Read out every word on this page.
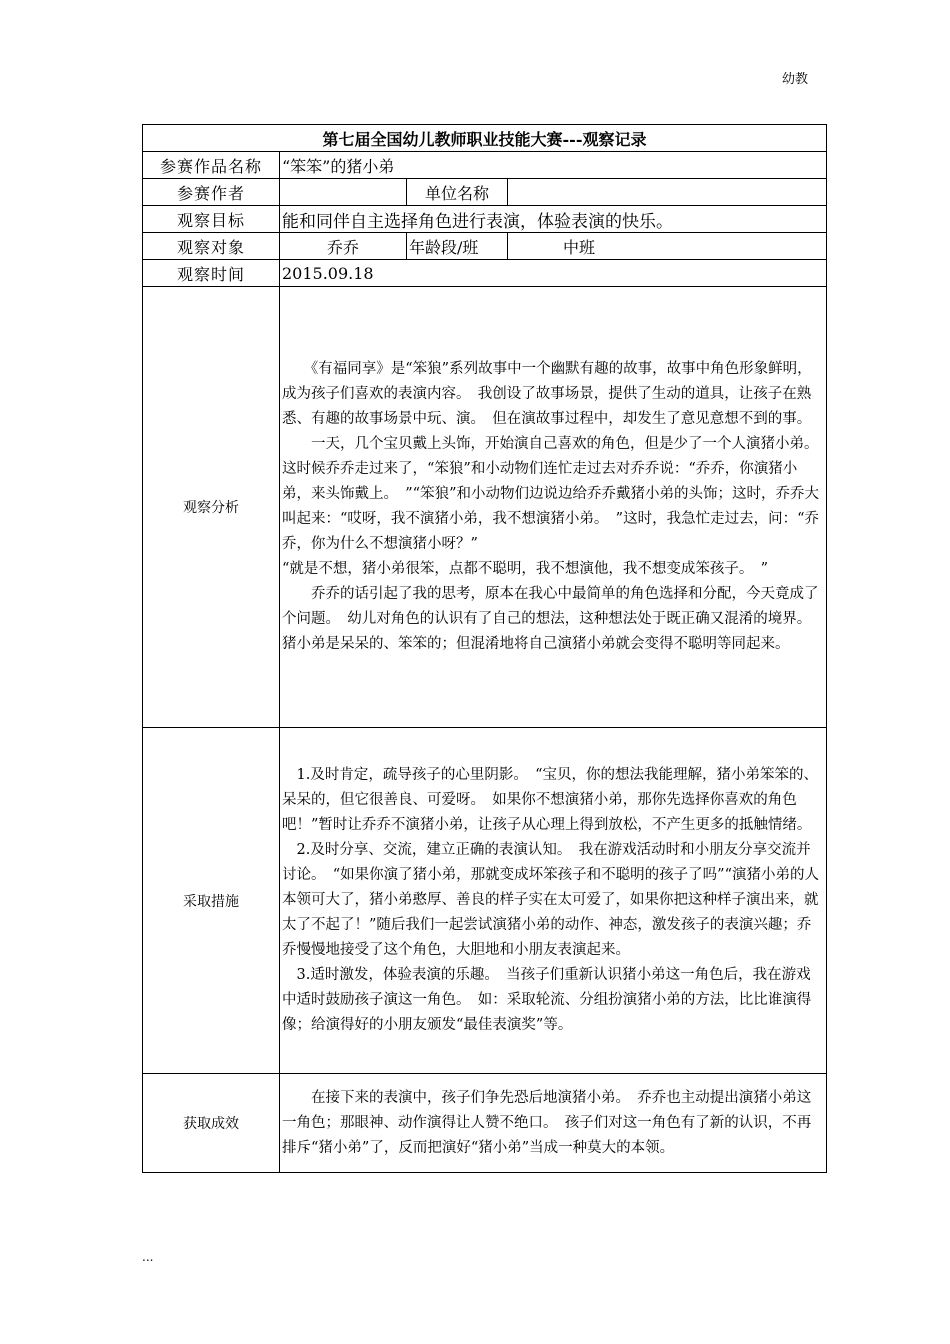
幼教
第七届全国幼儿教师职业技能大赛---观察记录			
参赛作品名称	“笨笨”的猪小弟		
参赛作者		单位名称	
观察目标	能和同伴自主选择角色进行表演，体验表演的快乐。		
观察对象	乔乔	年龄段/班	中班
观察时间	2015.09.18		
观察分析	　　《有福同享》是“笨狼”系列故事中一个幽默有趣的故事，故事中角色形象鲜明，成为孩子们喜欢的表演内容。　我创设了故事场景，提供了生动的道具，让孩子在熟悉、有趣的故事场景中玩、演。　但在演故事过程中，却发生了意见意想不到的事。

　　一天，几个宝贝戴上头饰，开始演自己喜欢的角色，但是少了一个人演猪小弟。　这时候乔乔走过来了，“笨狼”和小动物们连忙走过去对乔乔说：“乔乔，你演猪小弟，来头饰戴上。　”“笨狼”和小动物们边说边给乔乔戴猪小弟的头饰；这时，乔乔大叫起来：“哎呀，我不演猪小弟，我不想演猪小弟。　”这时，我急忙走过去，问：“乔乔，你为什么不想演猪小呀？”

“就是不想，猪小弟很笨，点都不聪明，我不想演他，我不想变成笨孩子。　”

　　乔乔的话引起了我的思考，原本在我心中最简单的角色选择和分配，今天竟成了个问题。　幼儿对角色的认识有了自己的想法，这种想法处于既正确又混淆的境界。　猪小弟是呆呆的、笨笨的；但混淆地将自己演猪小弟就会变得不聪明等同起来。		

采取措施	　1.及时肯定，疏导孩子的心里阴影。　“宝贝，你的想法我能理解，猪小弟笨笨的、呆呆的，但它很善良、可爱呀。　如果你不想演猪小弟，那你先选择你喜欢的角色吧！”暂时让乔乔不演猪小弟，让孩子从心理上得到放松，不产生更多的抵触情绪。

　2.及时分享、交流，建立正确的表演认知。　我在游戏活动时和小朋友分享交流并讨论。　“如果你演了猪小弟，那就变成坏笨孩子和不聪明的孩子了吗”“演猪小弟的人本领可大了，猪小弟憨厚、善良的样子实在太可爱了，如果你把这种样子演出来，就太了不起了！”随后我们一起尝试演猪小弟的动作、神态，激发孩子的表演兴趣；乔乔慢慢地接受了这个角色，大胆地和小朋友表演起来。

　3.适时激发，体验表演的乐趣。　当孩子们重新认识猪小弟这一角色后，我在游戏中适时鼓励孩子演这一角色。　如：采取轮流、分组扮演猪小弟的方法，比比谁演得像；给演得好的小朋友颁发“最佳表演奖”等。		

获取成效	　　在接下来的表演中，孩子们争先恐后地演猪小弟。　乔乔也主动提出演猪小弟这一角色；那眼神、动作演得让人赞不绝口。　孩子们对这一角色有了新的认识，不再排斥“猪小弟”了，反而把演好“猪小弟”当成一种莫大的本领。		

...
